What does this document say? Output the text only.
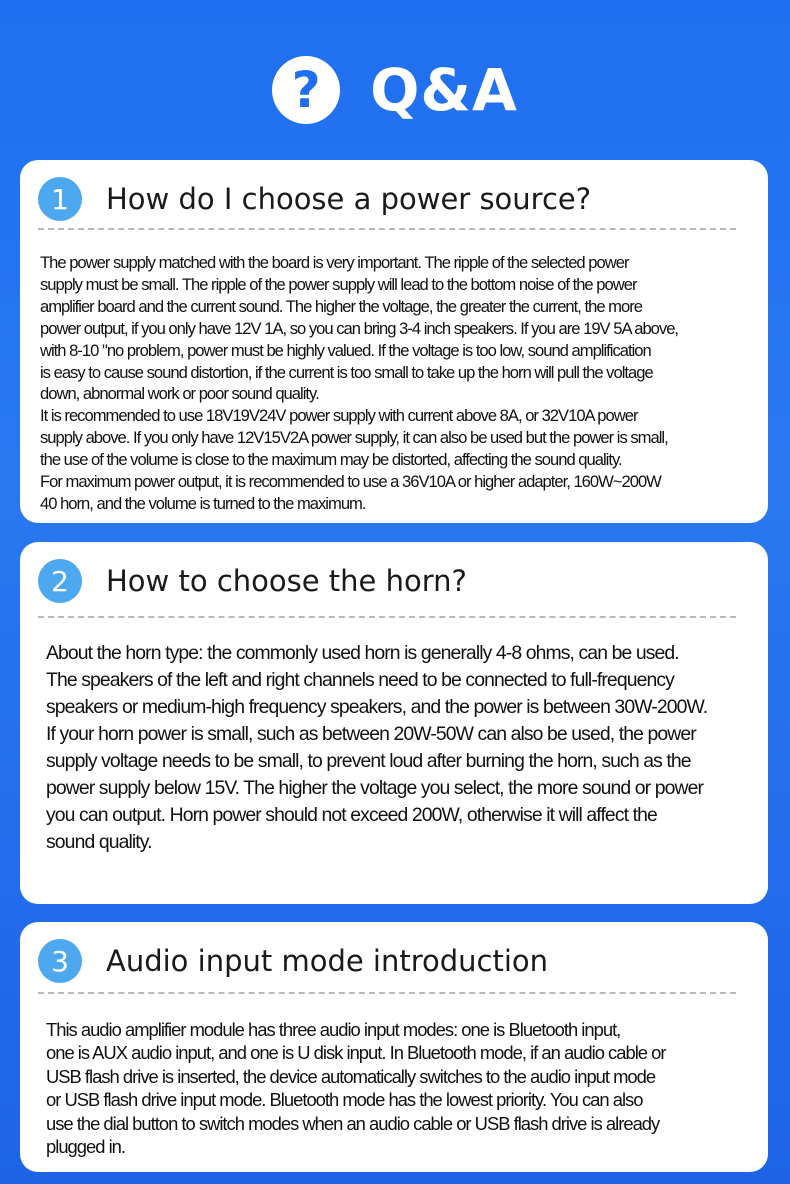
? Q&A
1	How do I choose a power source?
The power supply matched with the board is very important. The ripple of the selected power
supply must be small. The ripple of the power supply will lead to the bottom noise of the power
amplifier board and the current sound. The higher the voltage, the greater the current, the more
power output, if you only have 12V 1A, so you can bring 3-4 inch speakers. If you are 19V 5A above,
with 8-10 "no problem, power must be highly valued. If the voltage is too low, sound amplification
is easy to cause sound distortion, if the current is too small to take up the horn will pull the voltage
down, abnormal work or poor sound quality.
It is recommended to use 18V19V24V power supply with current above 8A, or 32V10A power
supply above. If you only have 12V15V2A power supply, it can also be used but the power is small,
the use of the volume is close to the maximum may be distorted, affecting the sound quality.
For maximum power output, it is recommended to use a 36V10A or higher adapter, 160W~200W
40 horn, and the volume is turned to the maximum.
2	How to choose the horn?
About the horn type: the commonly used horn is generally 4-8 ohms, can be used.
The speakers of the left and right channels need to be connected to full-frequency
speakers or medium-high frequency speakers, and the power is between 30W-200W.
If your horn power is small, such as between 20W-50W can also be used, the power
supply voltage needs to be small, to prevent loud after burning the horn, such as the
power supply below 15V. The higher the voltage you select, the more sound or power
you can output. Horn power should not exceed 200W, otherwise it will affect the
sound quality.
3	Audio input mode introduction
This audio amplifier module has three audio input modes: one is Bluetooth input,
one is AUX audio input, and one is U disk input. In Bluetooth mode, if an audio cable or
USB flash drive is inserted, the device automatically switches to the audio input mode
or USB flash drive input mode. Bluetooth mode has the lowest priority. You can also
use the dial button to switch modes when an audio cable or USB flash drive is already
plugged in.
